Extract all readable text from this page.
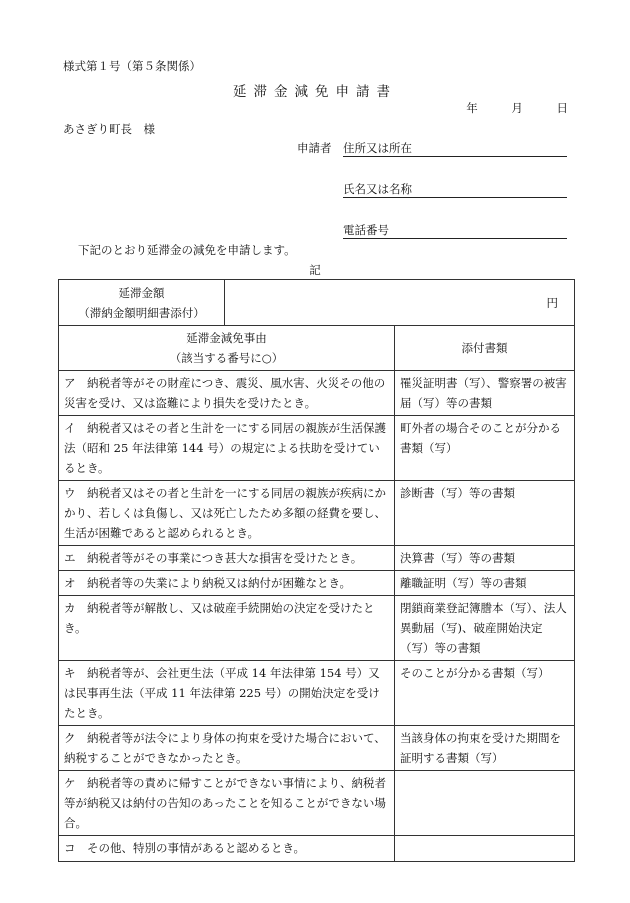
様式第１号（第５条関係）
延滞金減免申請書
年	月	日
あさぎり町長　様
申請者 住所又は所在
氏名又は名称
電話番号
下記のとおり延滞金の減免を申請します。
記
延滞金額
（滞納金額明細書添付）	円	

延滞金減免事由
（該当する番号に○）		添付書類

ア　納税者等がその財産につき、震災、風水害、火災その他の災害を受け、又は盗難により損失を受けたとき。		罹災証明書（写）、警察署の被害届（写）等の書類

イ　納税者又はその者と生計を一にする同居の親族が生活保護法（昭和 25 年法律第 144 号）の規定による扶助を受けているとき。		町外者の場合そのことが分かる書類（写）

ウ　納税者又はその者と生計を一にする同居の親族が疾病にかかり、若しくは負傷し、又は死亡したため多額の経費を要し、生活が困難であると認められるとき。		診断書（写）等の書類

エ　納税者等がその事業につき甚大な損害を受けたとき。		決算書（写）等の書類

オ　納税者等の失業により納税又は納付が困難なとき。		離職証明（写）等の書類

カ　納税者等が解散し、又は破産手続開始の決定を受けたとき。		閉鎖商業登記簿謄本（写）、法人異動届（写)、破産開始決定（写）等の書類

キ　納税者等が、会社更生法（平成 14 年法律第 154 号）又は民事再生法（平成 11 年法律第 225 号）の開始決定を受けたとき。		そのことが分かる書類（写）

ク　納税者等が法令により身体の拘束を受けた場合において、納税することができなかったとき。		当該身体の拘束を受けた期間を証明する書類（写）

ケ　納税者等の責めに帰すことができない事情により、納税者等が納税又は納付の告知のあったことを知ることができない場合。		

コ　その他、特別の事情があると認めるとき。		
